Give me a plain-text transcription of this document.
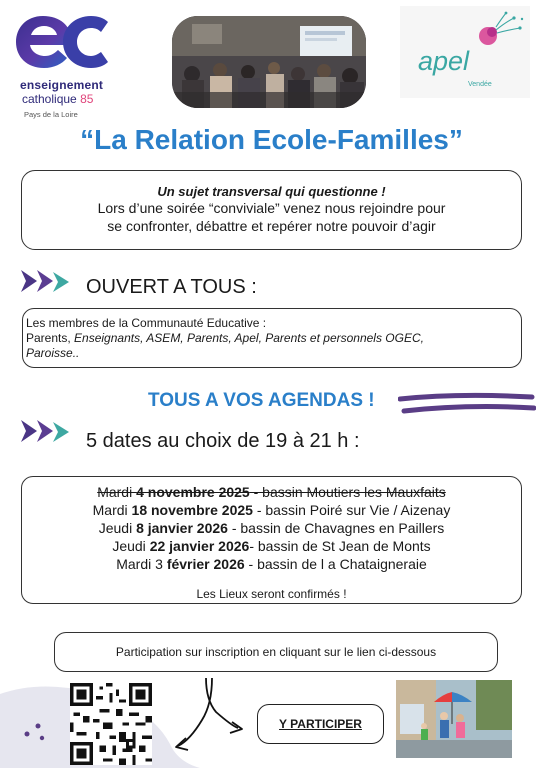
enseignement
catholique 85
Pays de la Loire
apel
Vendée
“La Relation Ecole-Familles”
Un sujet transversal qui questionne !
Lors d’une soirée “conviviale” venez nous rejoindre pour
se confronter, débattre et repérer notre pouvoir d’agir
OUVERT A TOUS :
Les membres de la Communauté Educative :
Parents, Enseignants, ASEM, Parents, Apel, Parents et personnels OGEC,
Paroisse..
TOUS A VOS AGENDAS !
5 dates au choix de 19 à 21 h :
Mardi 4 novembre 2025 - bassin Moutiers les Mauxfaits
Mardi 18 novembre 2025 - bassin Poiré sur Vie / Aizenay
Jeudi 8 janvier 2026 - bassin de Chavagnes en Paillers
Jeudi 22 janvier 2026- bassin de St Jean de Monts
Mardi 3 février 2026 - bassin de l a Chataigneraie
Les Lieux seront confirmés !
Participation sur inscription en cliquant sur le lien ci-dessous
Y PARTICIPER
